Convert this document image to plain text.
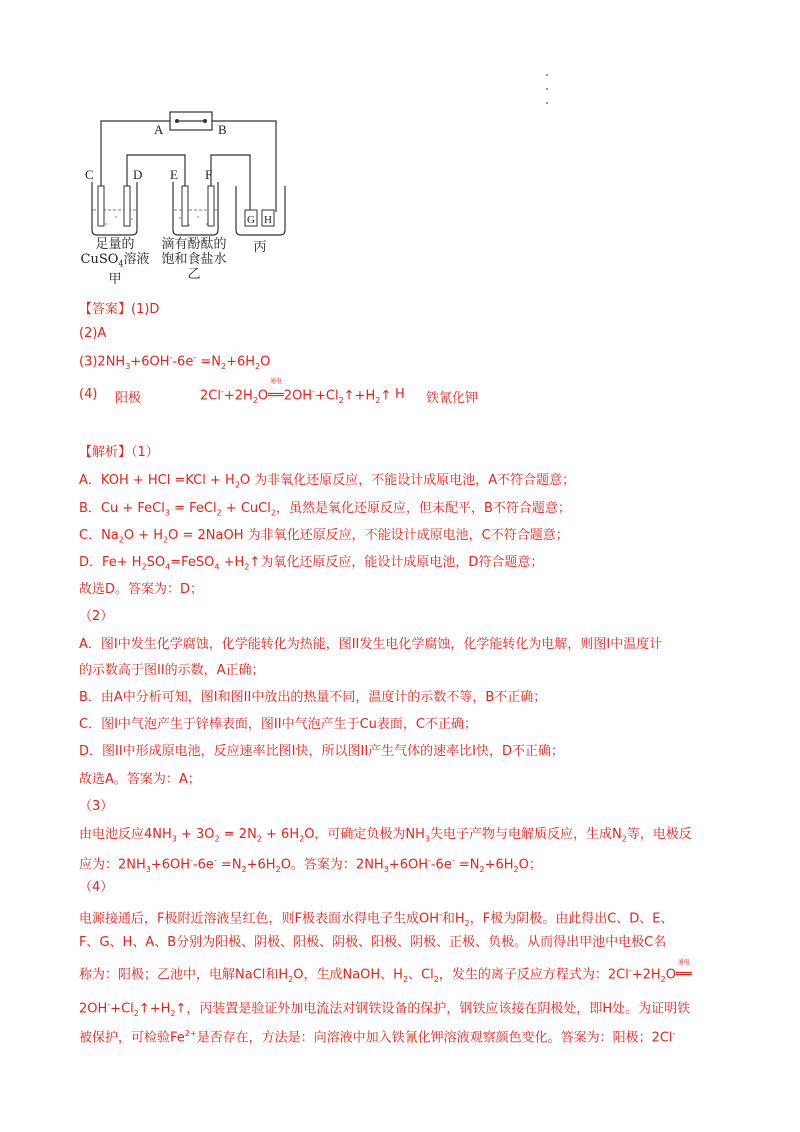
A	B
C	D E F
G H
足量的
CuSO$_4$溶液
甲
滴有酚酞的
饱和食盐水
乙
丙
【答案】(1)D
(2)A
$(3)2NH_3+6OH^--6e^- =N_2+6H_2O$
(4) 阳极	$2Cl^-+2H_2O$
通电
$══2OH^-+Cl_2↑+H_2↑$ H 铁氰化钾
【解析】（1）
A．KOH + HCl $=KCl + H_2O$ 为非氧化还原反应，不能设计成原电池，A不符合题意；
B．Cu + FeCl$_3$ = FeCl$_2$ + CuCl$_2$，虽然是氧化还原反应，但未配平，B不符合题意；
C．$Na_2O + H_2O$ = 2NaOH 为非氧化还原反应，不能设计成原电池，C不符合题意；
D．$Fe+ H_2SO_4=FeSO_4$ $+H_2↑$为氧化还原反应，能设计成原电池，D符合题意；
故选D。答案为：D；
（2）
A．图I中发生化学腐蚀，化学能转化为热能，图II发生电化学腐蚀，化学能转化为电解，则图I中温度计
的示数高于图II的示数，A正确；
B．由A中分析可知，图I和图II中放出的热量不同，温度计的示数不等，B不正确；
C．图I中气泡产生于锌棒表面，图II中气泡产生于Cu表面，C不正确；
D．图II中形成原电池，反应速率比图Ⅰ快，所以图II产生气体的速率比I快，D不正确；
故选A。答案为：A；
（3）
由电池反应$4NH_3 + 3O_2 = 2N_2 + 6H_2O$，可确定负极为$NH_3$失电子产物与电解质反应，生成$N_2$等，电极反
应为：$2NH_3+6OH^--6e^- =N_2+6H_2O$。答案为：$2NH_3+6OH^--6e^- =N_2+6H_2O$；
（4）
电源接通后，F极附近溶液呈红色，则F极表面水得电子生成OH-和$H_2$，F极为阴极。由此得出C、D、E、
F、G、H、A、B分别为阳极、阴极、阳极、阴极、阳极、阴极、正极、负极。从而得出甲池中电极C名
称为：阳极；乙池中，电解NaCl和$H_2O$，生成NaOH、$H_2$、$Cl_2$，发生的离子反应方程式为：$2Cl^-+2H_2O$
通电
══
$2OH^-+Cl_2↑+H_2↑$，丙装置是验证外加电流法对钢铁设备的保护，钢铁应该接在阴极处，即H处。为证明铁
被保护，可检验$Fe^{2+}$是否存在，方法是：向溶液中加入铁氰化钾溶液观察颜色变化。答案为：阳极；2Cl-
